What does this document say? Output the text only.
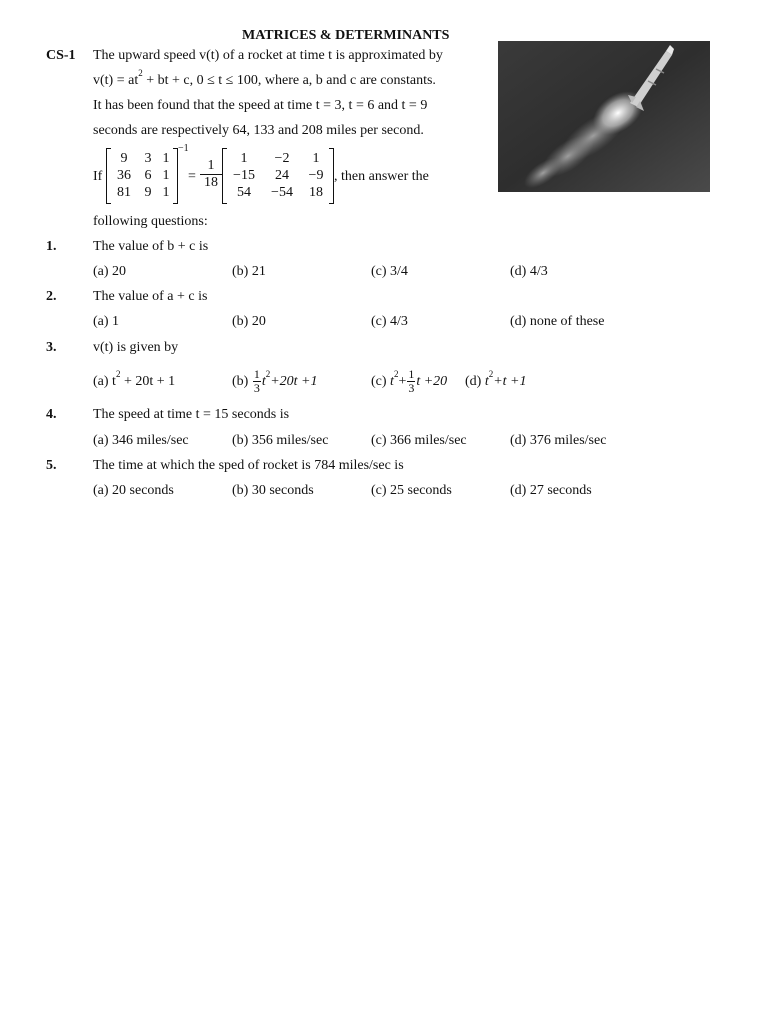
MATRICES & DETERMINANTS
CS-1 The upward speed v(t) of a rocket at time t is approximated by
$v(t) = at^2$ + bt + c, 0 ≤ t ≤ 100, where a, b and c are constants.
It has been found that the speed at time t = 3, t = 6 and t = 9
seconds are respectively 64, 133 and 208 miles per second.
If
9	3 1
36 6 1
81 9 1
−1
= $\frac{1}{18}$	1	−2	1
−15	24	−9
54	−54	18
, then answer the
following questions:
1.	The value of b + c is
(a) 20	(b) 21	(c) 3/4	(d) 4/3
2.	The value of a + c is
(a) 1	(b) 20	(c) 4/3	(d) none of these
3.	v(t) is given by
(a) $t^2 + 20t + 1$	$(b) \frac{1}{3} t^2+20t +1$	(c) $t^2+ \frac{1}{3}$ t +20 (d) $t^2+t +1$
4.	The speed at time t = 15 seconds is
(a) 346 miles/sec	(b) 356 miles/sec	(c) 366 miles/sec	(d) 376 miles/sec
5.	The time at which the sped of rocket is 784 miles/sec is
(a) 20 seconds	(b) 30 seconds	(c) 25 seconds	(d) 27 seconds
